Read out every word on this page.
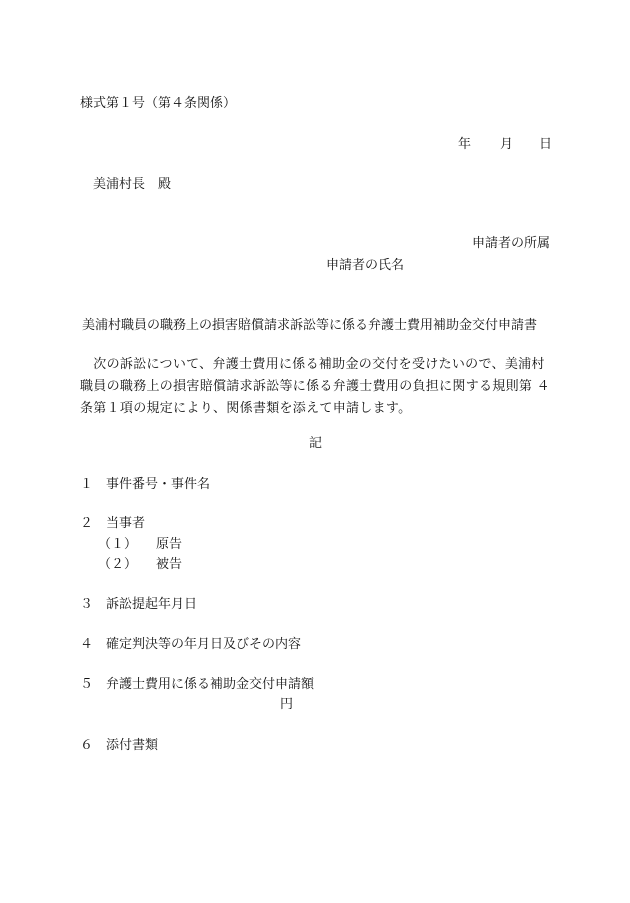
様式第１号（第４条関係）
年 月 日
美浦村長　殿
申請者の所属
申請者の氏名
美浦村職員の職務上の損害賠償請求訴訟等に係る弁護士費用補助金交付申請書
　次の訴訟について、弁護士費用に係る補助金の交付を受けたいので、美浦村
職員の職務上の損害賠償請求訴訟等に係る弁護士費用の負担に関する規則第 ４
条第１項の規定により、関係書類を添えて申請します。
記
１ 事件番号・事件名
２ 当事者
（１） 原告
（２） 被告
３ 訴訟提起年月日
４ 確定判決等の年月日及びその内容
５ 弁護士費用に係る補助金交付申請額
円
６ 添付書類
